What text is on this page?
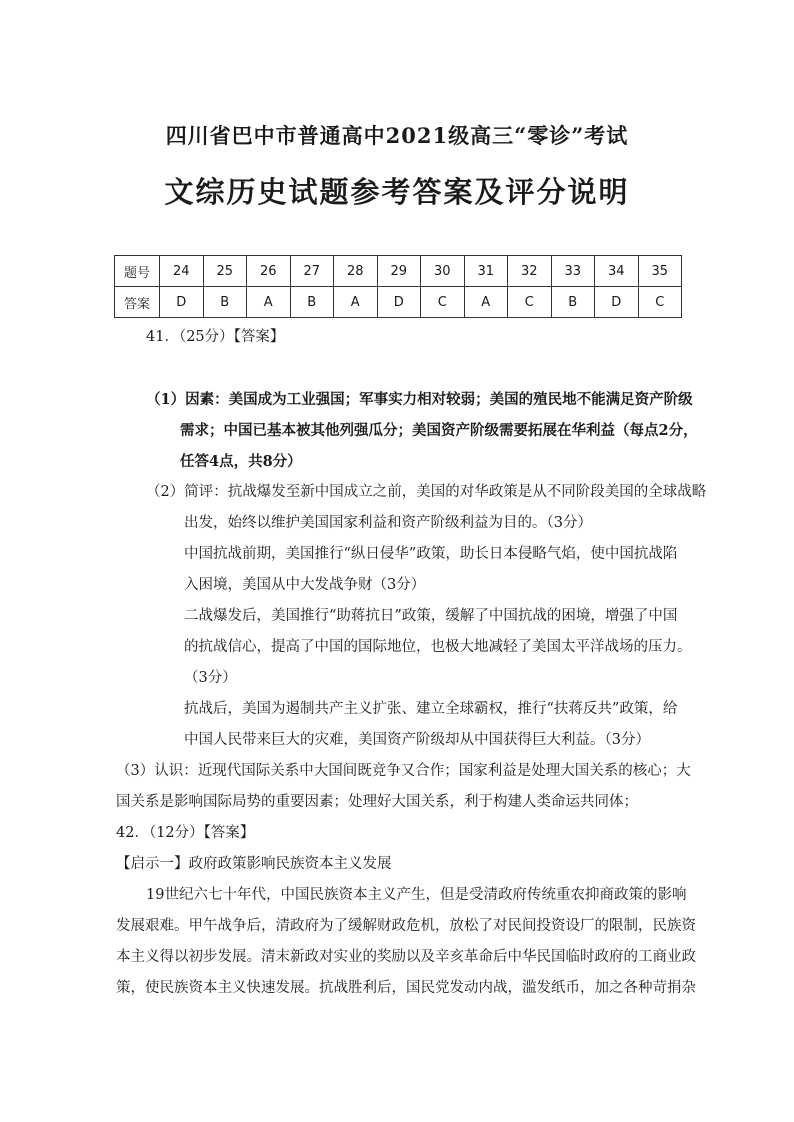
四川省巴中市普通高中2021级高三“零诊”考试
文综历史试题参考答案及评分说明
题号	24	25	26	27	28	29	30	31	32	33	34	35
答案	D	B	A	B	A	D	C	A	C	B	D	C
41．（25分）【答案】
（1）因素：美国成为工业强国；军事实力相对较弱；美国的殖民地不能满足资产阶级
需求；中国已基本被其他列强瓜分；美国资产阶级需要拓展在华利益（每点2分，
任答4点，共8分）
（2）简评：抗战爆发至新中国成立之前，美国的对华政策是从不同阶段美国的全球战略
出发，始终以维护美国国家利益和资产阶级利益为目的。（3分）
中国抗战前期，美国推行“纵日侵华”政策，助长日本侵略气焰，使中国抗战陷
入困境，美国从中大发战争财（3分）
二战爆发后，美国推行“助蒋抗日”政策，缓解了中国抗战的困境，增强了中国
的抗战信心，提高了中国的国际地位，也极大地减轻了美国太平洋战场的压力。
（3分）
抗战后，美国为遏制共产主义扩张、建立全球霸权，推行“扶蒋反共”政策，给
中国人民带来巨大的灾难，美国资产阶级却从中国获得巨大利益。（3分）
（3）认识：近现代国际关系中大国间既竞争又合作；国家利益是处理大国关系的核心；大
国关系是影响国际局势的重要因素；处理好大国关系，利于构建人类命运共同体；
42．（12分）【答案】
【启示一】政府政策影响民族资本主义发展
19世纪六七十年代，中国民族资本主义产生，但是受清政府传统重农抑商政策的影响
发展艰难。甲午战争后，清政府为了缓解财政危机，放松了对民间投资设厂的限制，民族资
本主义得以初步发展。清末新政对实业的奖励以及辛亥革命后中华民国临时政府的工商业政
策，使民族资本主义快速发展。抗战胜利后，国民党发动内战，滥发纸币，加之各种苛捐杂
